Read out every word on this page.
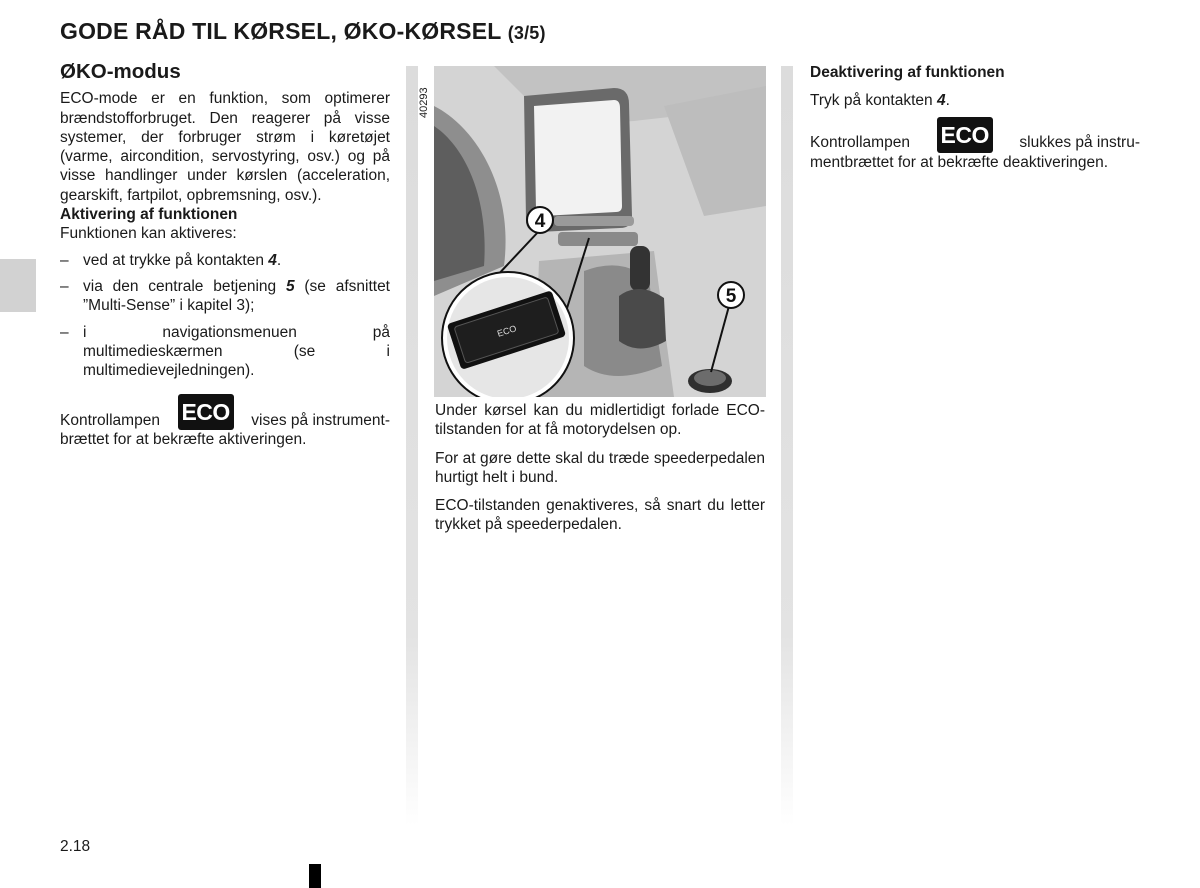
GODE RÅD TIL KØRSEL, ØKO-KØRSEL (3/5)
ØKO-modus

ECO-mode er en funktion, som optimerer brændstofforbruget. Den reagerer på visse systemer, der forbruger strøm i køretøjet (varme, aircondition, servostyring, osv.) og på visse handlinger under kørslen (acceleration, gearskift, fartpilot, opbremsning, osv.).

Aktivering af funktionen

Funktionen kan aktiveres:

– ved at trykke på kontakten 4.
– via den centrale betjening 5 (se afsnittet ”Multi-Sense” i kapitel 3);
– i navigationsmenuen på multimedieskærmen (se i multimedievejledningen).
Kontrollampen ECO vises på instrument-

brættet for at bekræfte aktiveringen.

40293
ECO
4
5

Under kørsel kan du midlertidigt forlade ECO-tilstanden for at få motorydelsen op.

For at gøre dette skal du træde speederpedalen hurtigt helt i bund.

ECO-tilstanden genaktiveres, så snart du letter trykket på speederpedalen.

Deaktivering af funktionen

Tryk på kontakten 4.

Kontrollampen ECO slukkes på instru-

mentbrættet for at bekræfte deaktiveringen.

2.18
